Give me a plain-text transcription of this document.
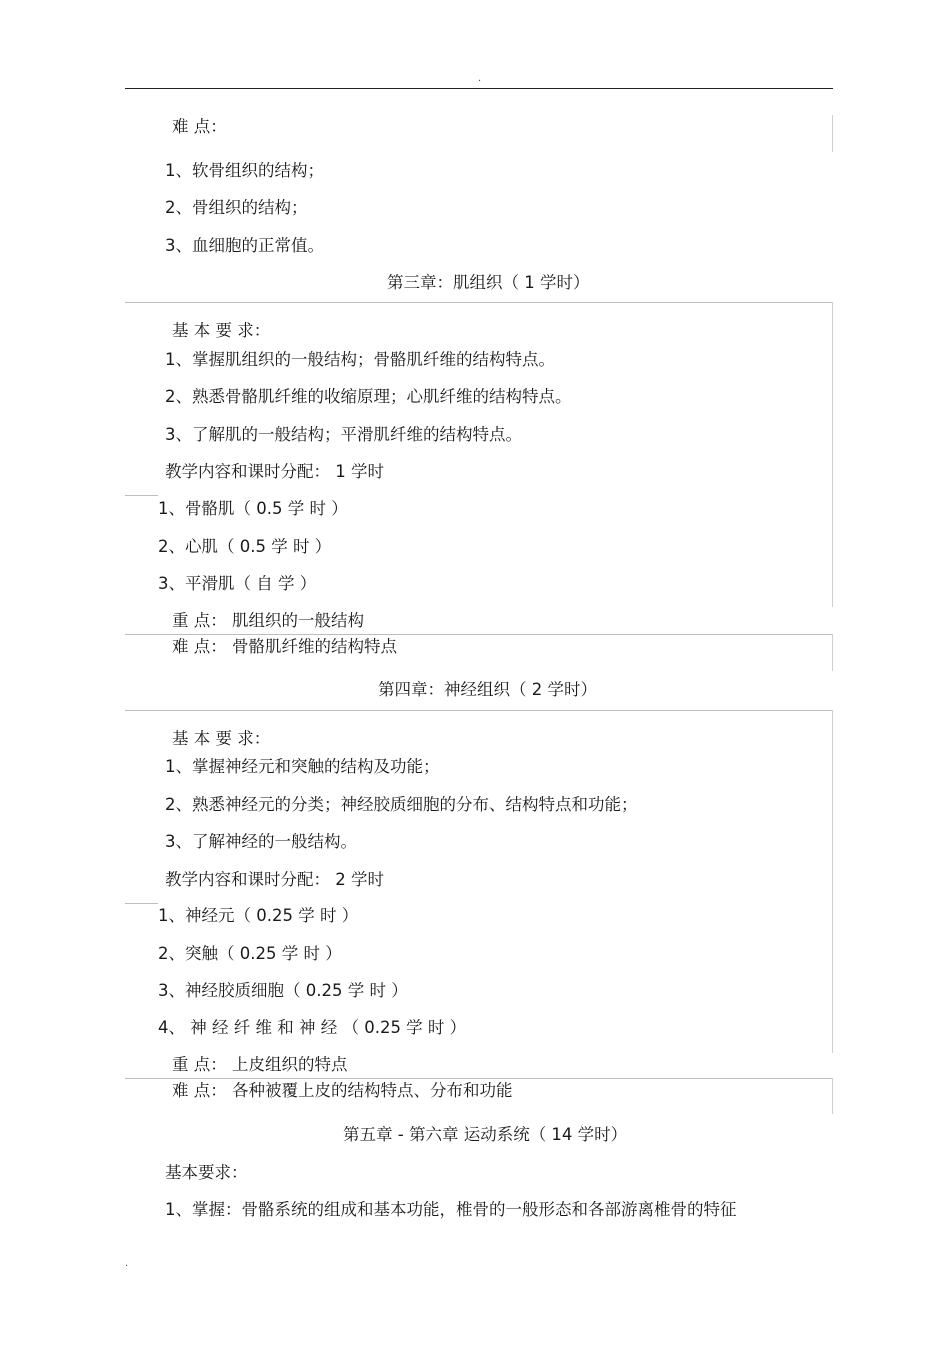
.
难 点：
1、软骨组织的结构；
2、骨组织的结构；
3、血细胞的正常值。
第三章：肌组织（ 1 学时）
基 本 要 求：
1、掌握肌组织的一般结构；骨骼肌纤维的结构特点。
2、熟悉骨骼肌纤维的收缩原理；心肌纤维的结构特点。
3、了解肌的一般结构；平滑肌纤维的结构特点。
教学内容和课时分配： 1 学时
1、骨骼肌（ 0.5 学 时 ）
2、心肌（ 0.5 学 时 ）
3、平滑肌（ 自 学 ）
重 点： 肌组织的一般结构
难 点： 骨骼肌纤维的结构特点
第四章：神经组织（ 2 学时）
基 本 要 求：
1、掌握神经元和突触的结构及功能；
2、熟悉神经元的分类；神经胶质细胞的分布、结构特点和功能；
3、了解神经的一般结构。
教学内容和课时分配： 2 学时
1、神经元（ 0.25 学 时 ）
2、突触（ 0.25 学 时 ）
3、神经胶质细胞（ 0.25 学 时 ）
4、 神 经 纤 维 和 神 经 （ 0.25 学 时 ）
重 点： 上皮组织的特点
难 点： 各种被覆上皮的结构特点、分布和功能
第五章 - 第六章 运动系统（ 14 学时）
基本要求：
1、掌握：骨骼系统的组成和基本功能，椎骨的一般形态和各部游离椎骨的特征
.
